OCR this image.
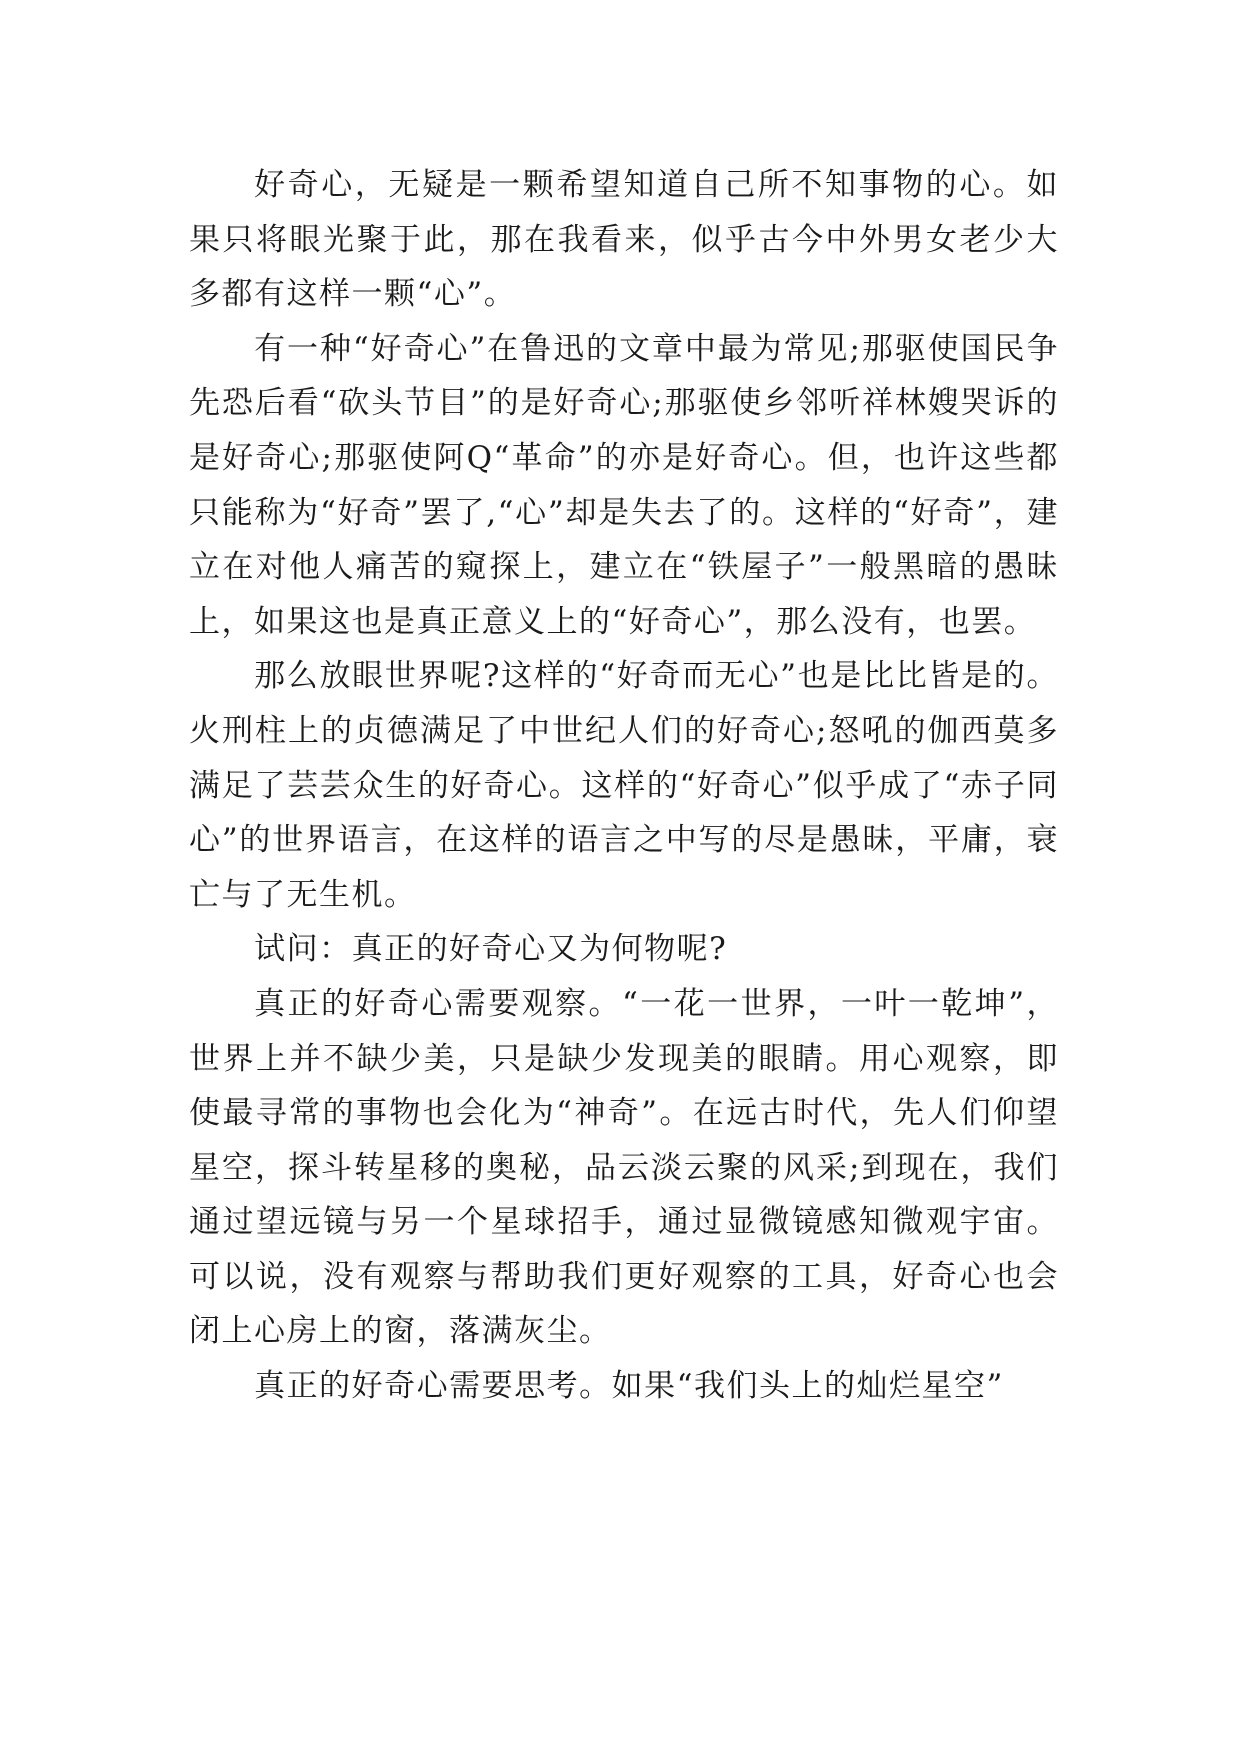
好奇心，无疑是一颗希望知道自己所不知事物的心。如果只将眼光聚于此，那在我看来，似乎古今中外男女老少大多都有这样一颗“心”。

有一种“好奇心”在鲁迅的文章中最为常见;那驱使国民争先恐后看“砍头节目”的是好奇心;那驱使乡邻听祥林嫂哭诉的是好奇心;那驱使阿Q“革命”的亦是好奇心。但，也许这些都只能称为“好奇”罢了,“心”却是失去了的。这样的“好奇”，建立在对他人痛苦的窥探上，建立在“铁屋子”一般黑暗的愚昧上，如果这也是真正意义上的“好奇心”，那么没有，也罢。

那么放眼世界呢?这样的“好奇而无心”也是比比皆是的。火刑柱上的贞德满足了中世纪人们的好奇心;怒吼的伽西莫多满足了芸芸众生的好奇心。这样的“好奇心”似乎成了“赤子同心”的世界语言，在这样的语言之中写的尽是愚昧，平庸，衰亡与了无生机。

试问：真正的好奇心又为何物呢?

真正的好奇心需要观察。“一花一世界，一叶一乾坤”，世界上并不缺少美，只是缺少发现美的眼睛。用心观察，即使最寻常的事物也会化为“神奇”。在远古时代，先人们仰望星空，探斗转星移的奥秘，品云淡云聚的风采;到现在，我们通过望远镜与另一个星球招手，通过显微镜感知微观宇宙。可以说，没有观察与帮助我们更好观察的工具，好奇心也会闭上心房上的窗，落满灰尘。

真正的好奇心需要思考。如果“我们头上的灿烂星空”
